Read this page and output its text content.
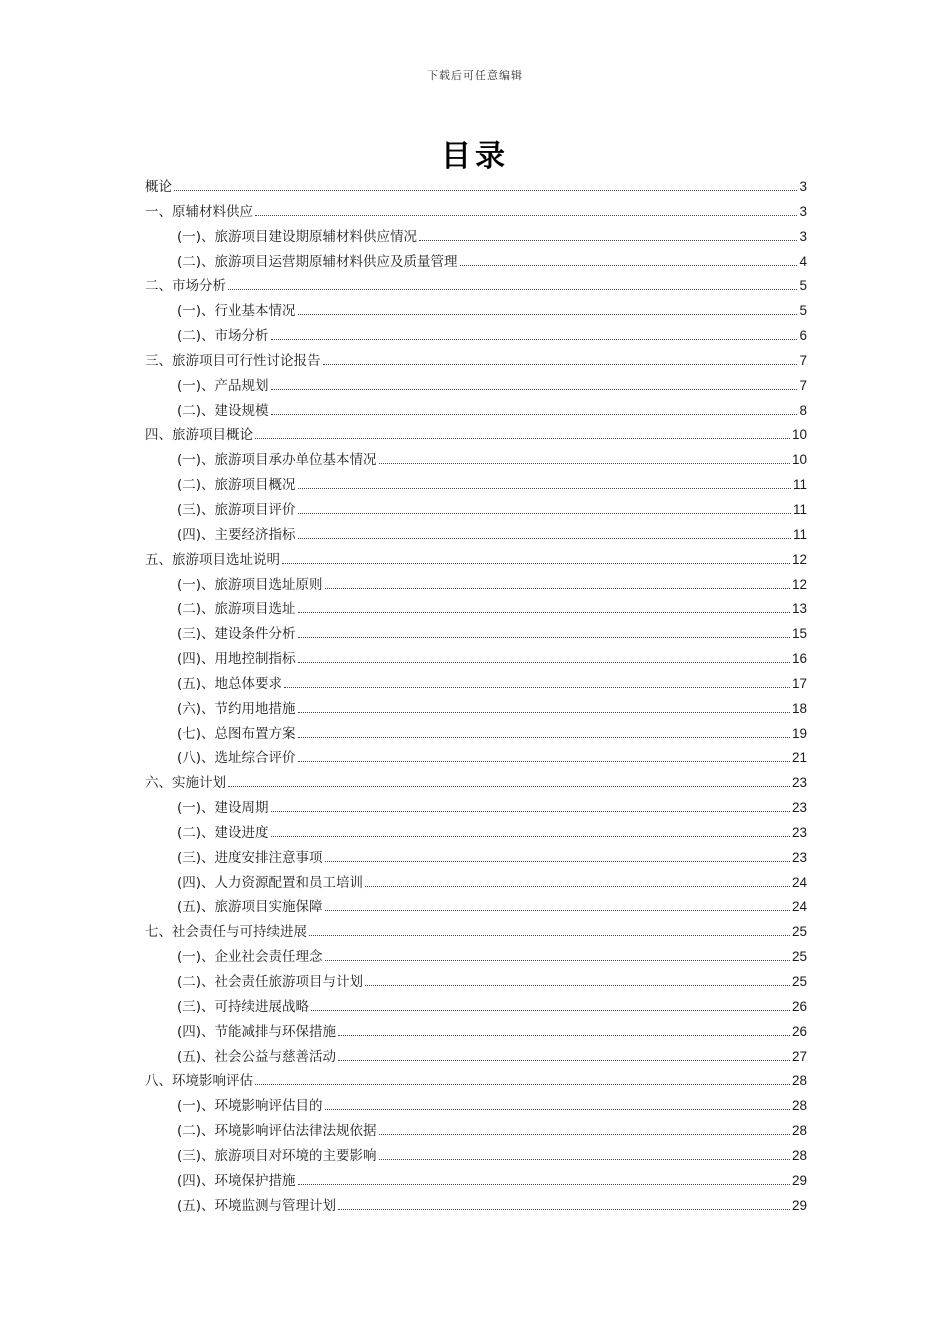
下载后可任意编辑
目录
概论	3
一、原辅材料供应	3
(一)、旅游项目建设期原辅材料供应情况	3
(二)、旅游项目运营期原辅材料供应及质量管理	4
二、市场分析	5
(一)、行业基本情况	5
(二)、市场分析	6
三、旅游项目可行性讨论报告	7
(一)、产品规划	7
(二)、建设规模	8
四、旅游项目概论	10
(一)、旅游项目承办单位基本情况	10
(二)、旅游项目概况	11
(三)、旅游项目评价	11
(四)、主要经济指标	11
五、旅游项目选址说明	12
(一)、旅游项目选址原则	12
(二)、旅游项目选址	13
(三)、建设条件分析	15
(四)、用地控制指标	16
(五)、地总体要求	17
(六)、节约用地措施	18
(七)、总图布置方案	19
(八)、选址综合评价	21
六、实施计划	23
(一)、建设周期	23
(二)、建设进度	23
(三)、进度安排注意事项	23
(四)、人力资源配置和员工培训	24
(五)、旅游项目实施保障	24
七、社会责任与可持续进展	25
(一)、企业社会责任理念	25
(二)、社会责任旅游项目与计划	25
(三)、可持续进展战略	26
(四)、节能减排与环保措施	26
(五)、社会公益与慈善活动	27
八、环境影响评估	28
(一)、环境影响评估目的	28
(二)、环境影响评估法律法规依据	28
(三)、旅游项目对环境的主要影响	28
(四)、环境保护措施	29
(五)、环境监测与管理计划	29
